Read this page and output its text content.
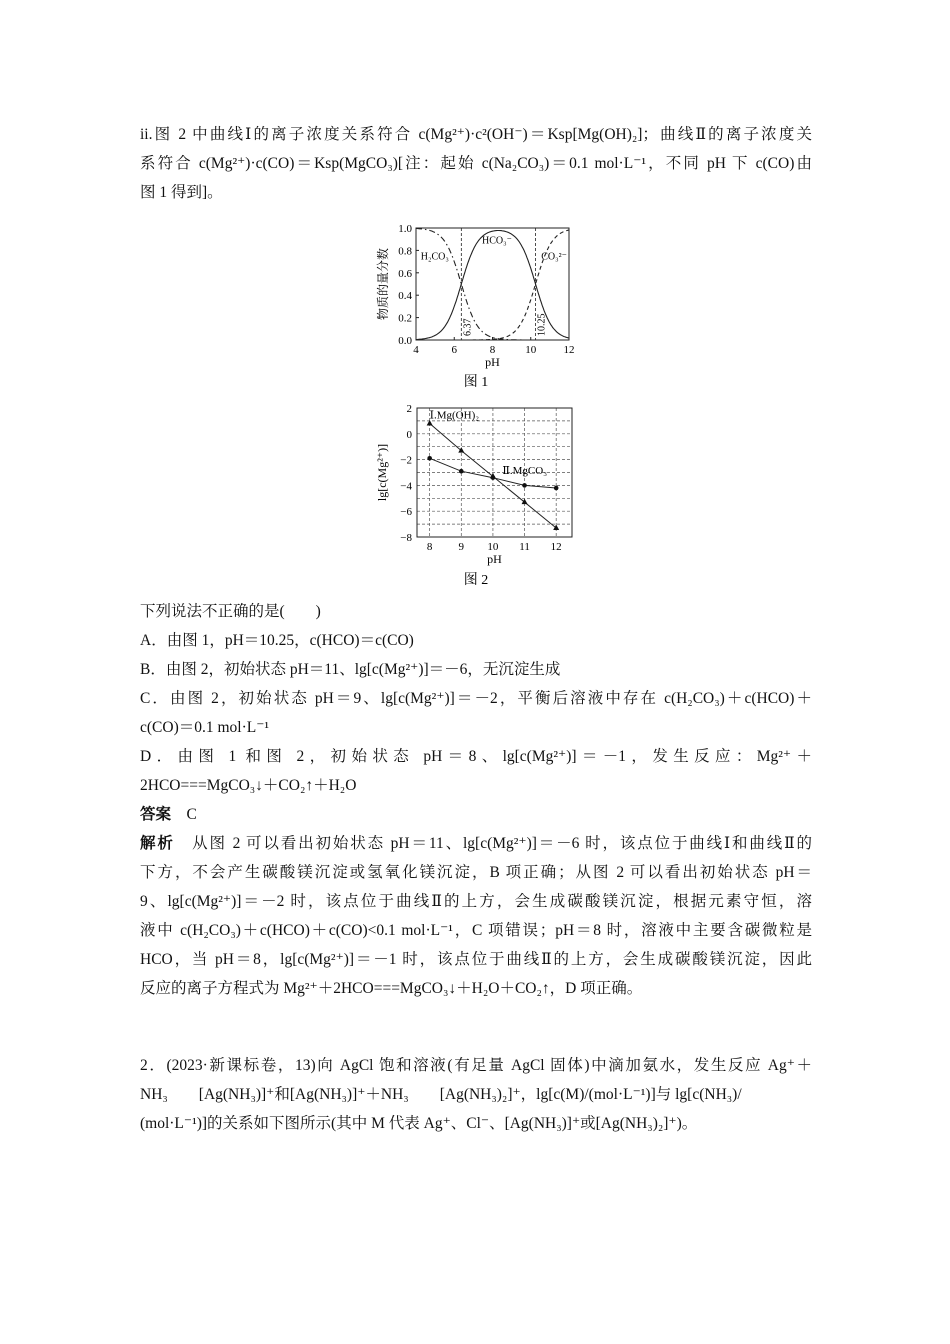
ii.图 2 中曲线Ⅰ的离子浓度关系符合 c(Mg²⁺)·c²(OH⁻)＝Ksp[Mg(OH)₂]；曲线Ⅱ的离子浓度关

系符合 c(Mg²⁺)·c(CO)＝Ksp(MgCO₃)[注：起始 c(Na₂CO₃)＝0.1 mol·L⁻¹，不同 pH 下 c(CO)由

图 1 得到]。

4	6	8	10 12
0.0
0.2
0.4
0.6
0.8
1.0
pH
物质的量分数
图 1
6.37	10.25
H₂CO₃
HCO₃⁻
CO₃²⁻
8 9 10 11 12
2
0
−2
−4
−6
−8
pH
lg[c(Mg²⁺)]
图 2
Ⅰ.Mg(OH)₂
Ⅱ.MgCO₃

下列说法不正确的是(　　)

A．由图 1，pH＝10.25，c(HCO)＝c(CO)

B．由图 2，初始状态 pH＝11、lg[c(Mg²⁺)]＝－6，无沉淀生成

C．由图 2，初始状态 pH＝9、lg[c(Mg²⁺)]＝－2，平衡后溶液中存在 c(H₂CO₃)＋c(HCO)＋

c(CO)＝0.1 mol·L⁻¹

D．由图 1 和图 2，初始状态 pH＝8、lg[c(Mg²⁺)]＝－1，发生反应：Mg²⁺＋

2HCO===MgCO₃↓＋CO₂↑＋H₂O

答案　 C

解析　 从图 2 可以看出初始状态 pH＝11、lg[c(Mg²⁺)]＝－6 时，该点位于曲线Ⅰ和曲线Ⅱ的

下方，不会产生碳酸镁沉淀或氢氧化镁沉淀，B 项正确；从图 2 可以看出初始状态 pH＝

9、lg[c(Mg²⁺)]＝－2 时，该点位于曲线Ⅱ的上方，会生成碳酸镁沉淀，根据元素守恒，溶

液中 c(H₂CO₃)＋c(HCO)＋c(CO)<0.1 mol·L⁻¹，C 项错误；pH＝8 时，溶液中主要含碳微粒是

HCO，当 pH＝8，lg[c(Mg²⁺)]＝－1 时，该点位于曲线Ⅱ的上方，会生成碳酸镁沉淀，因此

反应的离子方程式为 Mg²⁺＋2HCO===MgCO₃↓＋H₂O＋CO₂↑，D 项正确。

2．(2023·新课标卷，13)向 AgCl 饱和溶液(有足量 AgCl 固体)中滴加氨水，发生反应 Ag⁺＋

NH₃　　[Ag(NH₃)]⁺和[Ag(NH₃)]⁺＋NH₃　　[Ag(NH₃)₂]⁺，lg[c(M)/(mol·L⁻¹)]与 lg[c(NH₃)/

(mol·L⁻¹)]的关系如下图所示(其中 M 代表 Ag⁺、Cl⁻、[Ag(NH₃)]⁺或[Ag(NH₃)₂]⁺)。
